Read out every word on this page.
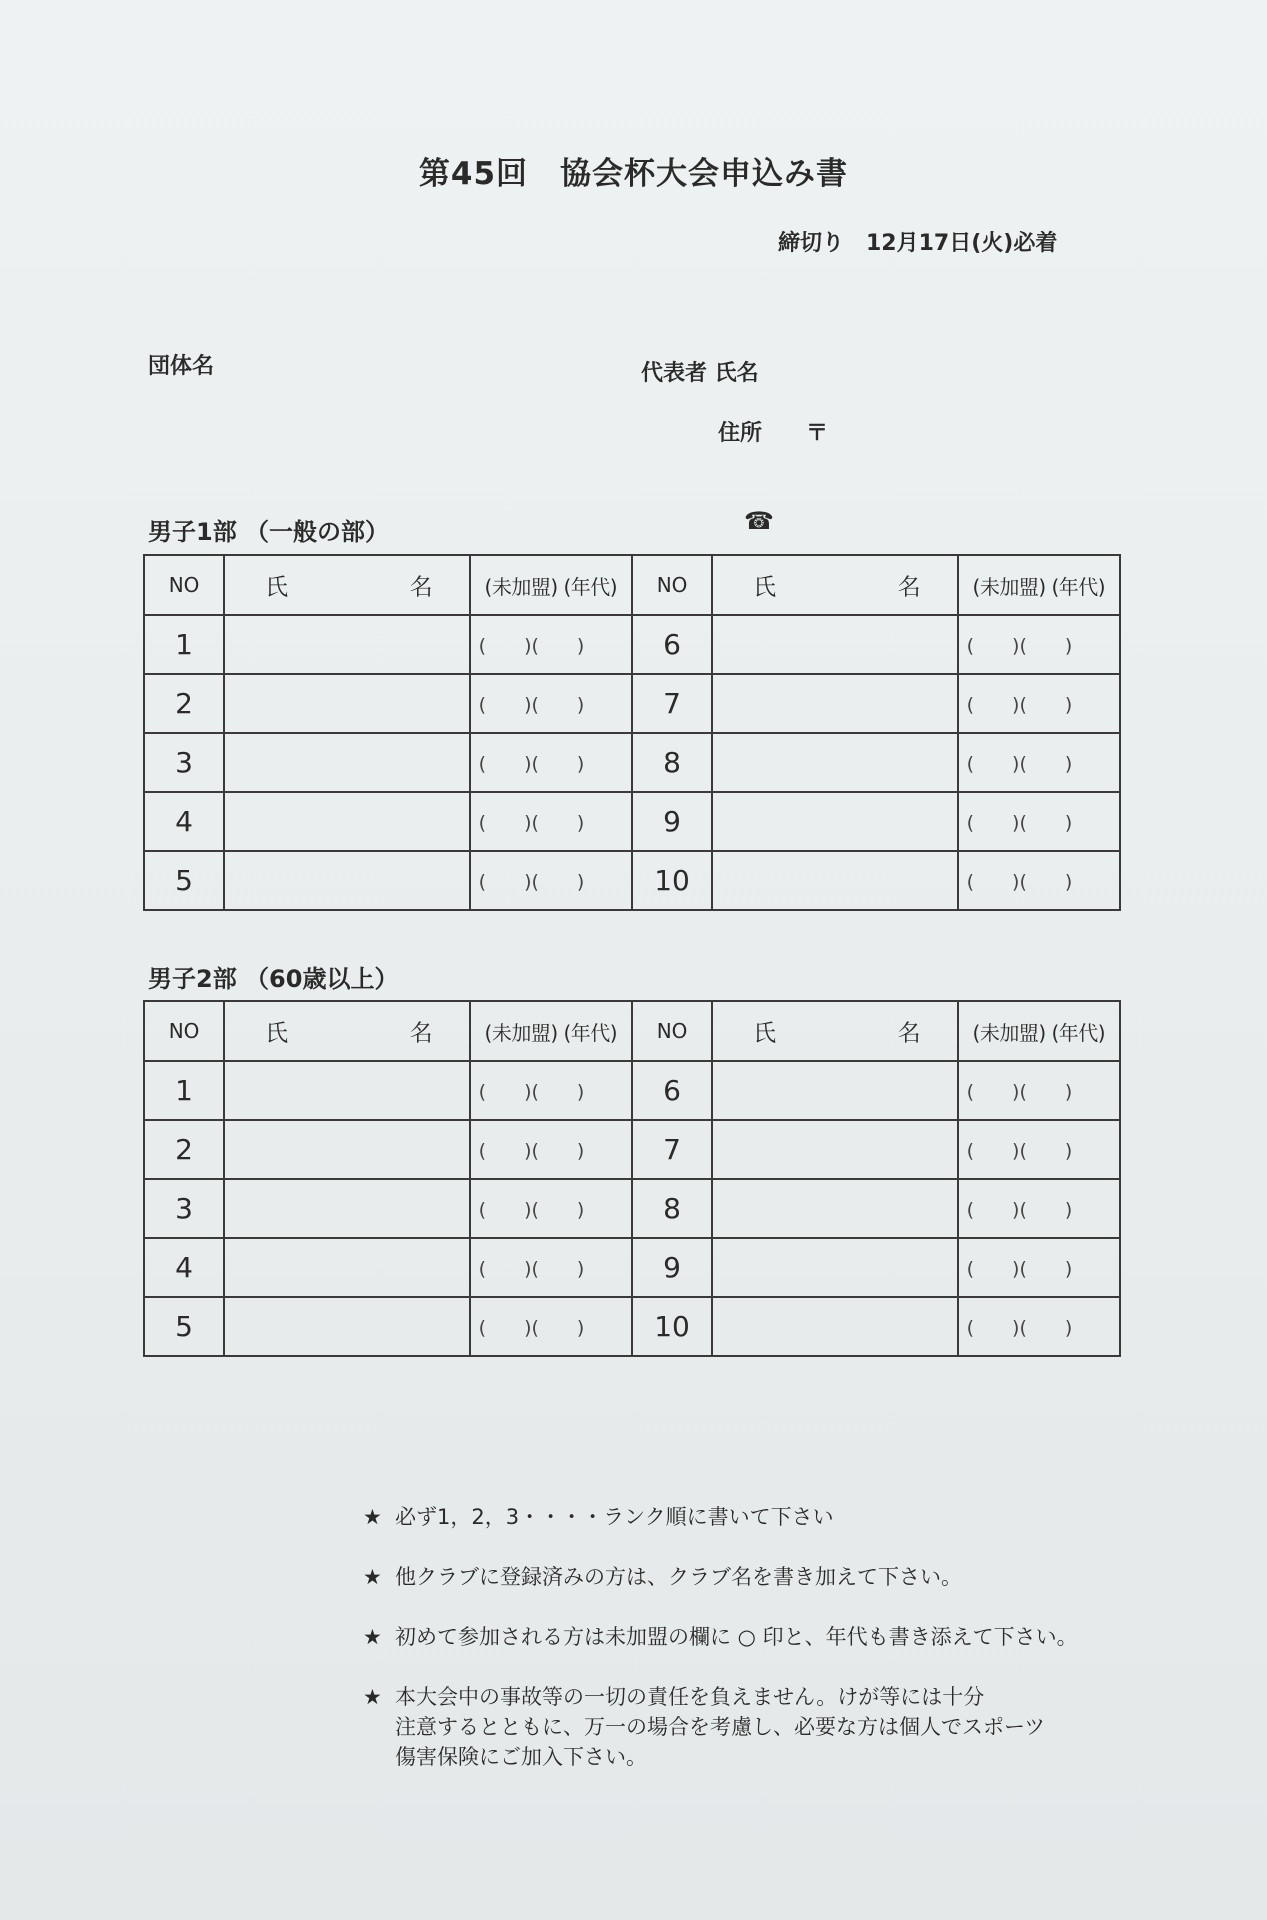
第45回　協会杯大会申込み書
締切り　12月17日(火)必着
団体名	代表者 氏名
住所　　〒
☎
男子1部 （一般の部）
NO	氏 名	(未加盟) (年代)	NO	氏 名	(未加盟) (年代)
1		(　　)(　　)	6		(　　)(　　)
2		(　　)(　　)	7		(　　)(　　)
3		(　　)(　　)	8		(　　)(　　)
4		(　　)(　　)	9		(　　)(　　)
5		(　　)(　　)	10		(　　)(　　)
男子2部 （60歳以上）
NO	氏 名	(未加盟) (年代)	NO	氏 名	(未加盟) (年代)
1		(　　)(　　)	6		(　　)(　　)
2		(　　)(　　)	7		(　　)(　　)
3		(　　)(　　)	8		(　　)(　　)
4		(　　)(　　)	9		(　　)(　　)
5		(　　)(　　)	10		(　　)(　　)
★ 必ず1，2，3・・・・ランク順に書いて下さい
★ 他クラブに登録済みの方は、クラブ名を書き加えて下さい。
★ 初めて参加される方は未加盟の欄に ○ 印と、年代も書き添えて下さい。
★ 本大会中の事故等の一切の責任を負えません。けが等には十分
注意するとともに、万一の場合を考慮し、必要な方は個人でスポーツ
傷害保険にご加入下さい。
